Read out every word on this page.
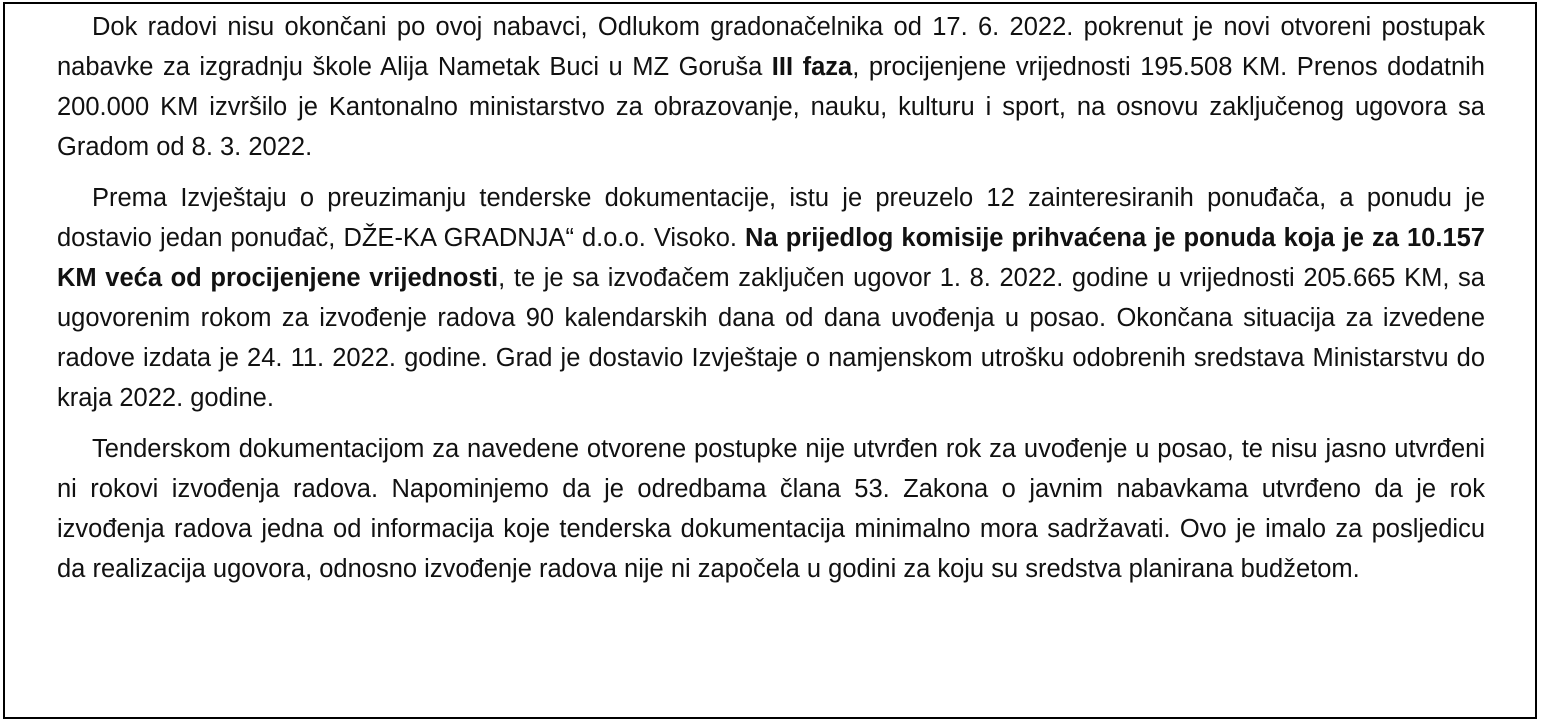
Dok radovi nisu okončani po ovoj nabavci, Odlukom gradonačelnika od 17. 6. 2022. pokrenut je novi otvoreni postupak nabavke za izgradnju škole Alija Nametak Buci u MZ Goruša III faza, procijenjene vrijednosti 195.508 KM. Prenos dodatnih 200.000 KM izvršilo je Kantonalno ministarstvo za obrazovanje, nauku, kulturu i sport, na osnovu zaključenog ugovora sa Gradom od 8. 3. 2022.

Prema Izvještaju o preuzimanju tenderske dokumentacije, istu je preuzelo 12 zainteresiranih ponuđača, a ponudu je dostavio jedan ponuđač, DŽE-KA GRADNJA“ d.o.o. Visoko. Na prijedlog komisije prihvaćena je ponuda koja je za 10.157 KM veća od procijenjene vrijednosti, te je sa izvođačem zaključen ugovor 1. 8. 2022. godine u vrijednosti 205.665 KM, sa ugovorenim rokom za izvođenje radova 90 kalendarskih dana od dana uvođenja u posao. Okončana situacija za izvedene radove izdata je 24. 11. 2022. godine. Grad je dostavio Izvještaje o namjenskom utrošku odobrenih sredstava Ministarstvu do kraja 2022. godine.

Tenderskom dokumentacijom za navedene otvorene postupke nije utvrđen rok za uvođenje u posao, te nisu jasno utvrđeni ni rokovi izvođenja radova. Napominjemo da je odredbama člana 53. Zakona o javnim nabavkama utvrđeno da je rok izvođenja radova jedna od informacija koje tenderska dokumentacija minimalno mora sadržavati. Ovo je imalo za posljedicu da realizacija ugovora, odnosno izvođenje radova nije ni započela u godini za koju su sredstva planirana budžetom.
